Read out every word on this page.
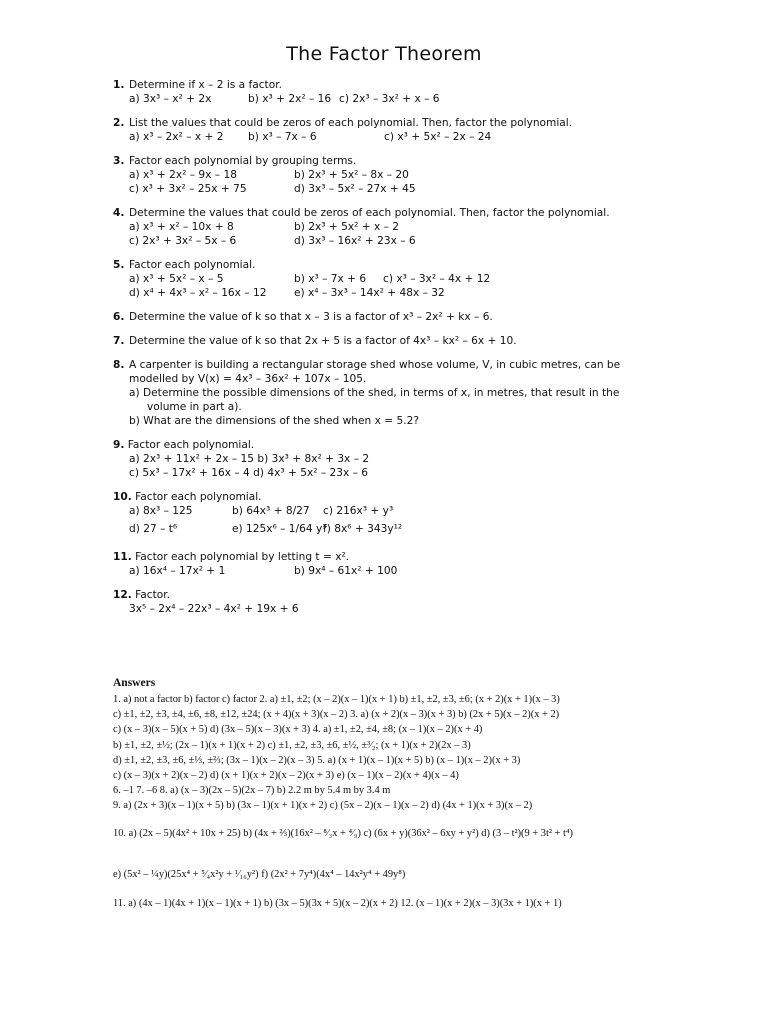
The Factor Theorem
1. Determine if x – 2 is a factor.
a) 3x³ – x² + 2x	b) x³ + 2x² – 16 c) 2x³ – 3x² + x – 6
2. List the values that could be zeros of each polynomial. Then, factor the polynomial.
a) x³ – 2x² – x + 2 b) x³ – 7x – 6	c) x³ + 5x² – 2x – 24
3. Factor each polynomial by grouping terms.
a) x³ + 2x² – 9x – 18	b) 2x³ + 5x² – 8x – 20
c) x³ + 3x² – 25x + 75	d) 3x³ – 5x² – 27x + 45
4. Determine the values that could be zeros of each polynomial. Then, factor the polynomial.
a) x³ + x² – 10x + 8	b) 2x³ + 5x² + x – 2
c) 2x³ + 3x² – 5x – 6	d) 3x³ – 16x² + 23x – 6
5. Factor each polynomial.
a) x³ + 5x² – x – 5	b) x³ – 7x + 6 c) x³ – 3x² – 4x + 12
d) x⁴ + 4x³ – x² – 16x – 12	e) x⁴ – 3x³ – 14x² + 48x – 32
6. Determine the value of k so that x – 3 is a factor of x³ – 2x² + kx – 6.
7. Determine the value of k so that 2x + 5 is a factor of 4x³ – kx² – 6x + 10.
8. A carpenter is building a rectangular storage shed whose volume, V, in cubic metres, can be
modelled by V(x) = 4x³ – 36x² + 107x – 105.
a) Determine the possible dimensions of the shed, in terms of x, in metres, that result in the
volume in part a).
b) What are the dimensions of the shed when x = 5.2?
9. Factor each polynomial.
a) 2x³ + 11x² + 2x – 15 b) 3x³ + 8x² + 3x – 2
c) 5x³ – 17x² + 16x – 4 d) 4x³ + 5x² – 23x – 6
10. Factor each polynomial.
a) 8x³ – 125	b) 64x³ + 8/27 c) 216x³ + y³
d) 27 – t⁶	e) 125x⁶ – 1/64 y³
f) 8x⁶ + 343y¹²
11. Factor each polynomial by letting t = x².
a) 16x⁴ – 17x² + 1	b) 9x⁴ – 61x² + 100
12. Factor.
3x⁵ – 2x⁴ – 22x³ – 4x² + 19x + 6
Answers
1. a) not a factor b) factor c) factor 2. a) ±1, ±2; (x – 2)(x – 1)(x + 1) b) ±1, ±2, ±3, ±6; (x + 2)(x + 1)(x – 3)
c) ±1, ±2, ±3, ±4, ±6, ±8, ±12, ±24; (x + 4)(x + 3)(x – 2) 3. a) (x + 2)(x – 3)(x + 3) b) (2x + 5)(x – 2)(x + 2)
c) (x – 3)(x – 5)(x + 5) d) (3x – 5)(x – 3)(x + 3) 4. a) ±1, ±2, ±4, ±8; (x – 1)(x – 2)(x + 4)
b) ±1, ±2, ±½; (2x – 1)(x + 1)(x + 2) c) ±1, ±2, ±3, ±6, ±½, ±³⁄₂; (x + 1)(x + 2)(2x – 3)
d) ±1, ±2, ±3, ±6, ±⅓, ±⅔; (3x – 1)(x – 2)(x – 3) 5. a) (x + 1)(x – 1)(x + 5) b) (x – 1)(x – 2)(x + 3)
c) (x – 3)(x + 2)(x – 2) d) (x + 1)(x + 2)(x – 2)(x + 3) e) (x – 1)(x – 2)(x + 4)(x – 4)
6. –1 7. –6 8. a) (x – 3)(2x – 5)(2x – 7) b) 2.2 m by 5.4 m by 3.4 m
9. a) (2x + 3)(x – 1)(x + 5) b) (3x – 1)(x + 1)(x + 2) c) (5x – 2)(x – 1)(x – 2) d) (4x + 1)(x + 3)(x – 2)
10. a) (2x – 5)(4x² + 10x + 25) b) (4x + ⅔)(16x² – ⁸⁄₃x + ⁴⁄₉) c) (6x + y)(36x² – 6xy + y²) d) (3 – t²)(9 + 3t² + t⁴)
e) (5x² – ¼y)(25x⁴ + ⁵⁄₄x²y + ¹⁄₁₆y²) f) (2x² + 7y⁴)(4x⁴ – 14x²y⁴ + 49y⁸)
11. a) (4x – 1)(4x + 1)(x – 1)(x + 1) b) (3x – 5)(3x + 5)(x – 2)(x + 2) 12. (x – 1)(x + 2)(x – 3)(3x + 1)(x + 1)
